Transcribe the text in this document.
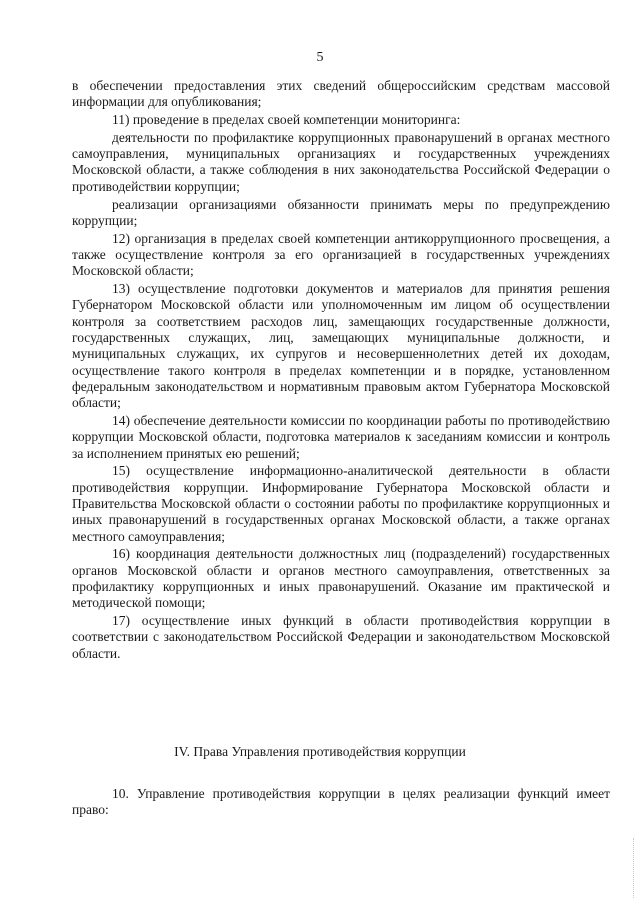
5

в обеспечении предоставления этих сведений общероссийским средствам массовой информации для опубликования;

11) проведение в пределах своей компетенции мониторинга:

деятельности по профилактике коррупционных правонарушений в органах местного самоуправления, муниципальных организациях и государственных учреждениях Московской области, а также соблюдения в них законодательства Российской Федерации о противодействии коррупции;

реализации организациями обязанности принимать меры по предупреждению коррупции;

12) организация в пределах своей компетенции антикоррупционного просвещения, а также осуществление контроля за его организацией в государственных учреждениях Московской области;

13) осуществление подготовки документов и материалов для принятия решения Губернатором Московской области или уполномоченным им лицом об осуществлении контроля за соответствием расходов лиц, замещающих государственные должности, государственных служащих, лиц, замещающих муниципальные должности, и муниципальных служащих, их супругов и несовершеннолетних детей их доходам, осуществление такого контроля в пределах компетенции и в порядке, установленном федеральным законодательством и нормативным правовым актом Губернатора Московской области;

14) обеспечение деятельности комиссии по координации работы по противодействию коррупции Московской области, подготовка материалов к заседаниям комиссии и контроль за исполнением принятых ею решений;

15) осуществление информационно-аналитической деятельности в области противодействия коррупции. Информирование Губернатора Московской области и Правительства Московской области о состоянии работы по профилактике коррупционных и иных правонарушений в государственных органах Московской области, а также органах местного самоуправления;

16) координация деятельности должностных лиц (подразделений) государственных органов Московской области и органов местного самоуправления, ответственных за профилактику коррупционных и иных правонарушений. Оказание им практической и методической помощи;

17) осуществление иных функций в области противодействия коррупции в соответствии с законодательством Российской Федерации и законодательством Московской области.

IV. Права Управления противодействия коррупции

10. Управление противодействия коррупции в целях реализации функций имеет право:
